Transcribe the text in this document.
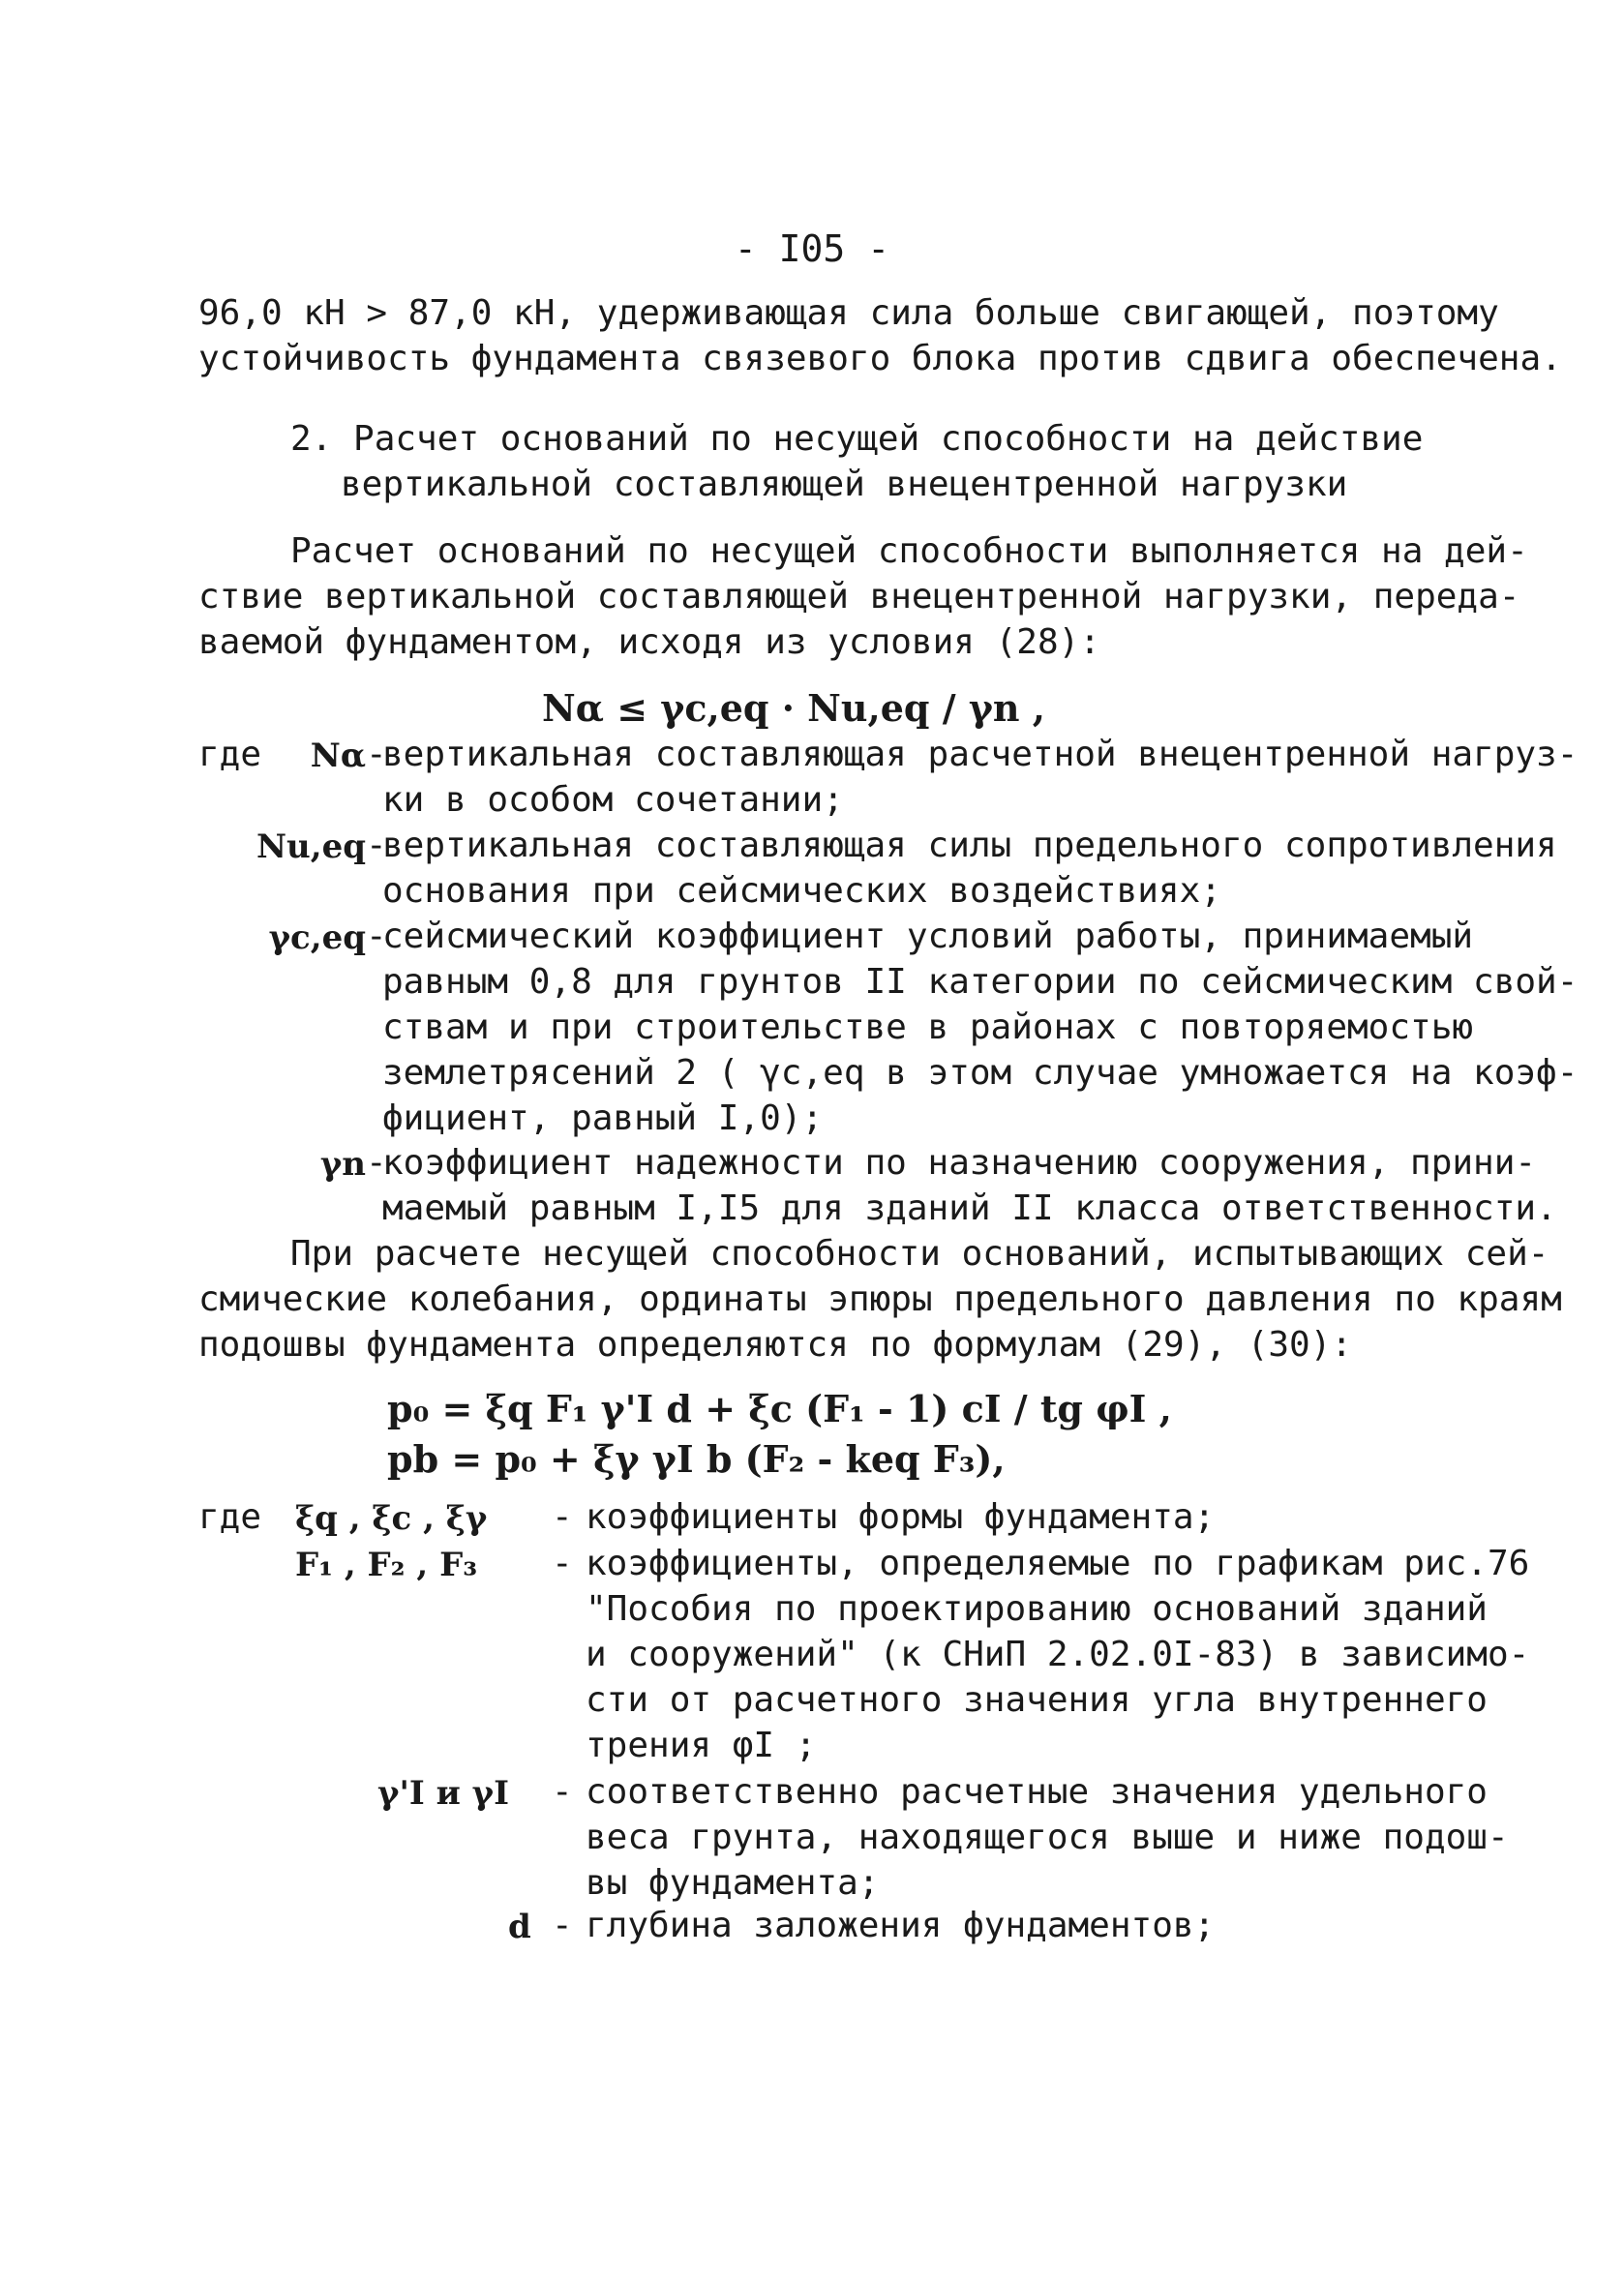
- I05 -
96,0 кН > 87,0 кН, удерживающая сила больше свигающей, поэтому
устойчивость фундамента связевого блока против сдвига обеспечена.
2. Расчет оснований по несущей способности на действие
вертикальной составляющей внецентренной нагрузки
Расчет оснований по несущей способности выполняется на дей-
ствие вертикальной составляющей внецентренной нагрузки, переда-
ваемой фундаментом, исходя из условия (28):
Nα ≤ γc,eq · Nu,eq / γn ,
где Nα -
вертикальная составляющая расчетной внецентренной нагруз-
ки в особом сочетании;
Nu,eq -
вертикальная составляющая силы предельного сопротивления
основания при сейсмических воздействиях;
γc,eq -
сейсмический коэффициент условий работы, принимаемый
равным 0,8 для грунтов II категории по сейсмическим свой-
ствам и при строительстве в районах с повторяемостью
землетрясений 2 ( γc,eq в этом случае умножается на коэф-
фициент, равный I,0);
γn -
коэффициент надежности по назначению сооружения, прини-
маемый равным I,I5 для зданий II класса ответственности.
При расчете несущей способности оснований, испытывающих сей-
смические колебания, ординаты эпюры предельного давления по краям
подошвы фундамента определяются по формулам (29), (30):
p₀ = ξq F₁ γ'I d + ξc (F₁ - 1) cI / tg φI ,
pb = p₀ + ξγ γI b (F₂ - keq F₃),
где ξq , ξc , ξγ - коэффициенты формы фундамента;
F₁ , F₂ , F₃ - коэффициенты, определяемые по графикам рис.76
"Пособия по проектированию оснований зданий
и сооружений" (к СНиП 2.02.0I-83) в зависимо-
сти от расчетного значения угла внутреннего
трения φI ;
γ'I и γI - соответственно расчетные значения удельного
веса грунта, находящегося выше и ниже подош-
вы фундамента;
d - глубина заложения фундаментов;
